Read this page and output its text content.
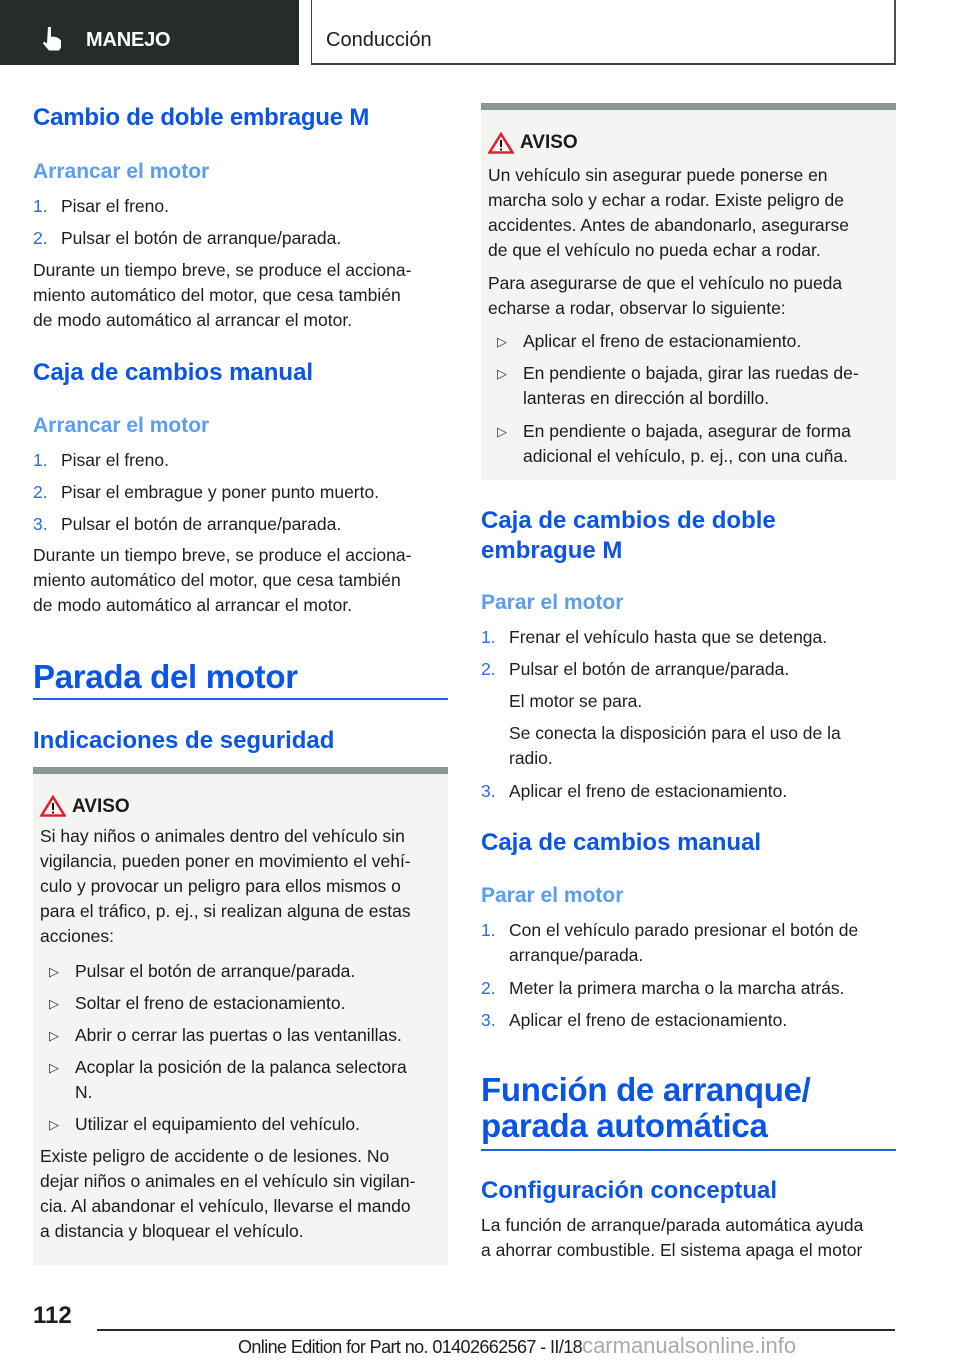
MANEJO	Conducción
Cambio de doble embrague M
Arrancar el motor
1. Pisar el freno.
2. Pulsar el botón de arranque/parada.
Durante un tiempo breve, se produce el acciona-
miento automático del motor, que cesa también
de modo automático al arrancar el motor.
Caja de cambios manual
Arrancar el motor
1. Pisar el freno.
2. Pisar el embrague y poner punto muerto.
3. Pulsar el botón de arranque/parada.
Durante un tiempo breve, se produce el acciona-
miento automático del motor, que cesa también
de modo automático al arrancar el motor.
Parada del motor
Indicaciones de seguridad
AVISO
Si hay niños o animales dentro del vehículo sin
vigilancia, pueden poner en movimiento el vehí-
culo y provocar un peligro para ellos mismos o
para el tráfico, p. ej., si realizan alguna de estas
acciones:
▷ Pulsar el botón de arranque/parada.
▷ Soltar el freno de estacionamiento.
▷ Abrir o cerrar las puertas o las ventanillas.
▷ Acoplar la posición de la palanca selectora
N.
▷ Utilizar el equipamiento del vehículo.
Existe peligro de accidente o de lesiones. No
dejar niños o animales en el vehículo sin vigilan-
cia. Al abandonar el vehículo, llevarse el mando
a distancia y bloquear el vehículo.
AVISO
Un vehículo sin asegurar puede ponerse en
marcha solo y echar a rodar. Existe peligro de
accidentes. Antes de abandonarlo, asegurarse
de que el vehículo no pueda echar a rodar.
Para asegurarse de que el vehículo no pueda
echarse a rodar, observar lo siguiente:
▷ Aplicar el freno de estacionamiento.
▷ En pendiente o bajada, girar las ruedas de-
lanteras en dirección al bordillo.
▷ En pendiente o bajada, asegurar de forma
adicional el vehículo, p. ej., con una cuña.
Caja de cambios de doble
embrague M
Parar el motor
1. Frenar el vehículo hasta que se detenga.
2. Pulsar el botón de arranque/parada.
El motor se para.
Se conecta la disposición para el uso de la
radio.
3. Aplicar el freno de estacionamiento.
Caja de cambios manual
Parar el motor
1. Con el vehículo parado presionar el botón de
arranque/parada.
2. Meter la primera marcha o la marcha atrás.
3. Aplicar el freno de estacionamiento.
Función de arranque/
parada automática
Configuración conceptual
La función de arranque/parada automática ayuda
a ahorrar combustible. El sistema apaga el motor
112
Online Edition for Part no. 01402662567 - II/18carmanualsonline.info
